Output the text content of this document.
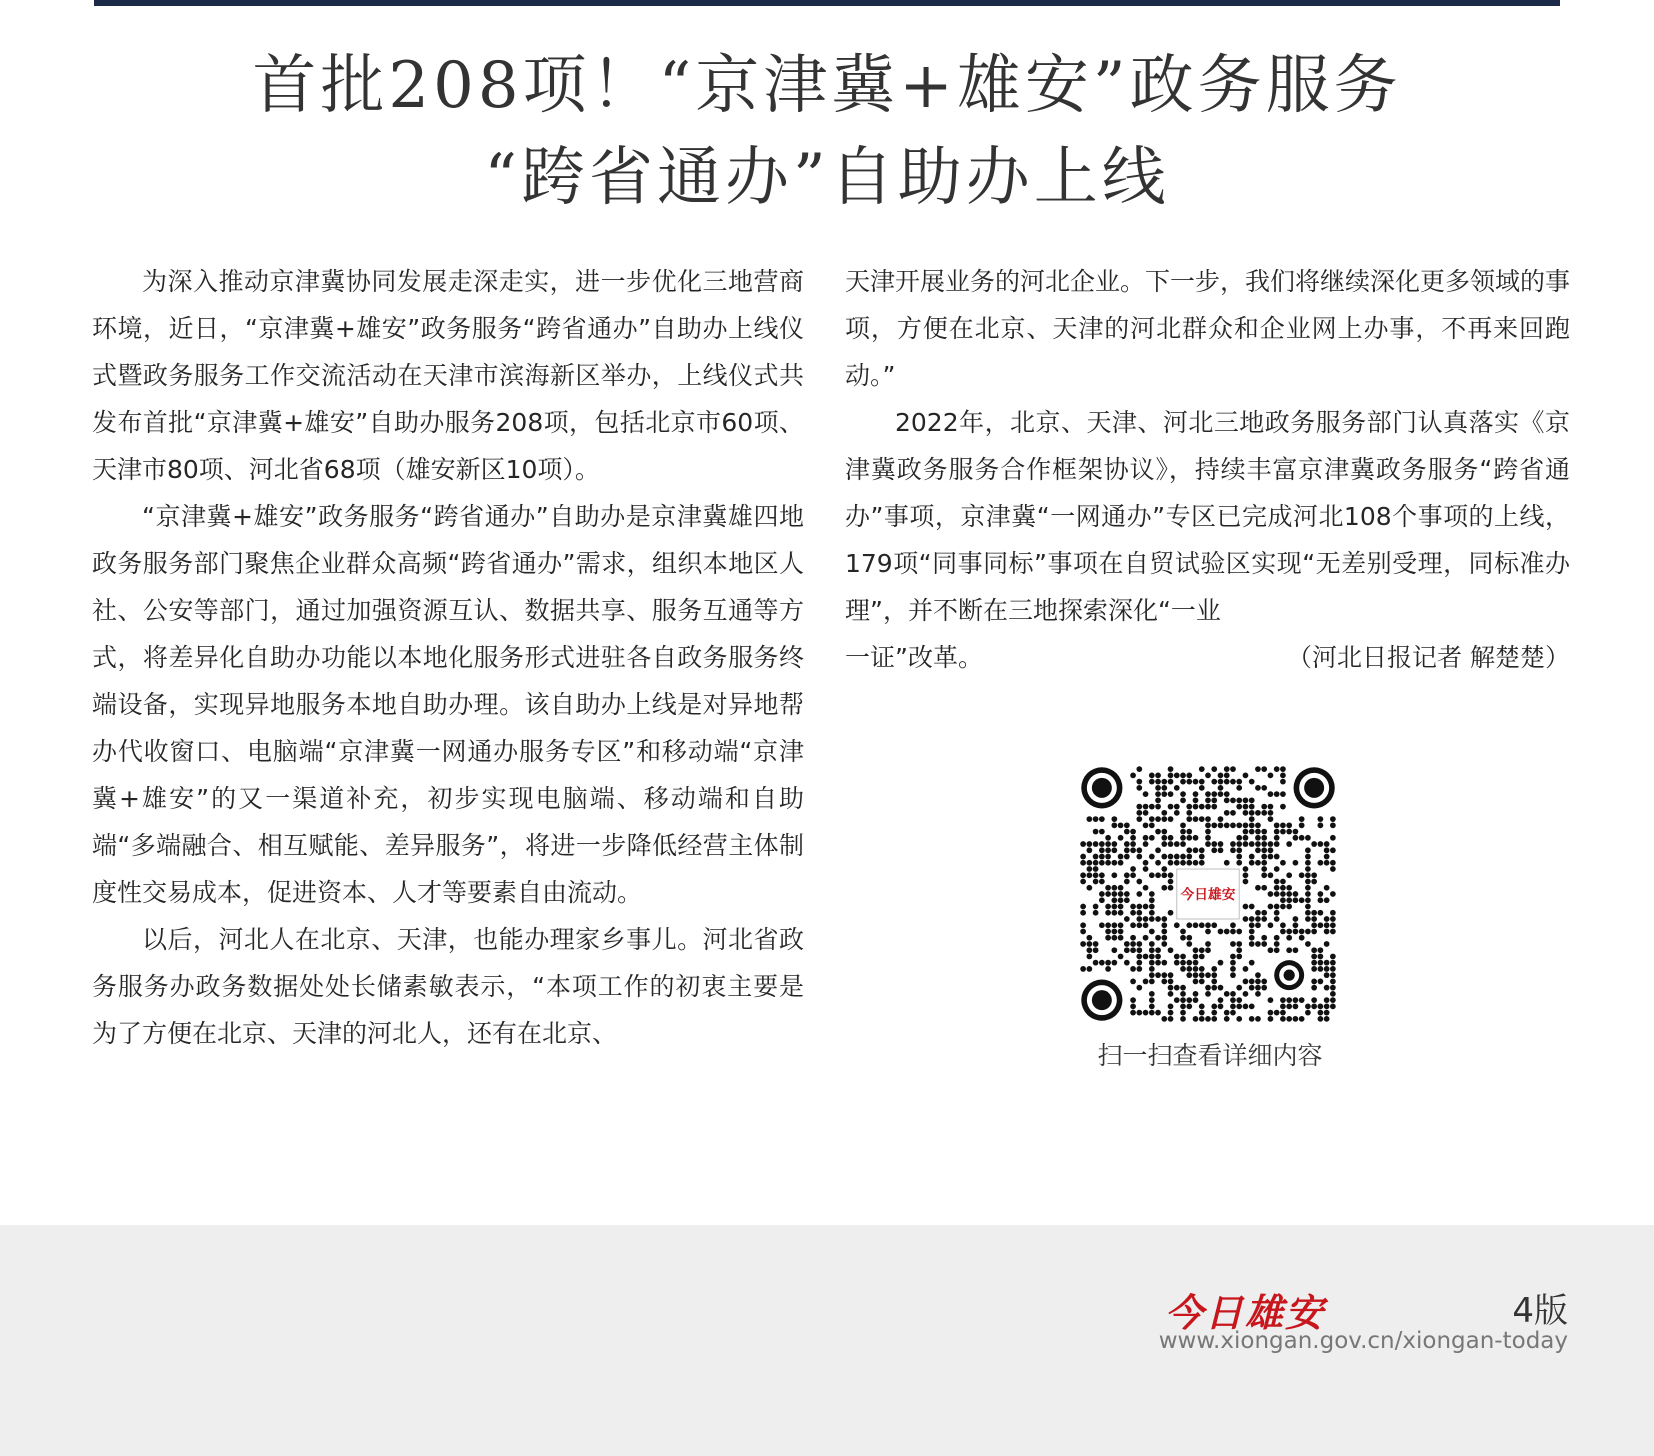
首批208项！“京津冀+雄安”政务服务
“跨省通办”自助办上线

为深入推动京津冀协同发展走深走实，进一步优化三地营商环境，近日，“京津冀+雄安”政务服务“跨省通办”自助办上线仪式暨政务服务工作交流活动在天津市滨海新区举办，上线仪式共发布首批“京津冀+雄安”自助办服务208项，包括北京市60项、天津市80项、河北省68项（雄安新区10项）。

“京津冀+雄安”政务服务“跨省通办”自助办是京津冀雄四地政务服务部门聚焦企业群众高频“跨省通办”需求，组织本地区人社、公安等部门，通过加强资源互认、数据共享、服务互通等方式，将差异化自助办功能以本地化服务形式进驻各自政务服务终端设备，实现异地服务本地自助办理。该自助办上线是对异地帮办代收窗口、电脑端“京津冀一网通办服务专区”和移动端“京津冀+雄安”的又一渠道补充，初步实现电脑端、移动端和自助端“多端融合、相互赋能、差异服务”，将进一步降低经营主体制度性交易成本，促进资本、人才等要素自由流动。

以后，河北人在北京、天津，也能办理家乡事儿。河北省政务服务办政务数据处处长储素敏表示，“本项工作的初衷主要是为了方便在北京、天津的河北人，还有在北京、

天津开展业务的河北企业。下一步，我们将继续深化更多领域的事项，方便在北京、天津的河北群众和企业网上办事，不再来回跑动。”

2022年，北京、天津、河北三地政务服务部门认真落实《京津冀政务服务合作框架协议》，持续丰富京津冀政务服务“跨省通办”事项，京津冀“一网通办”专区已完成河北108个事项的上线，179项“同事同标”事项在自贸试验区实现“无差别受理，同标准办理”，并不断在三地探索深化“一业

一证”改革。	（河北日报记者 解楚楚）
今日雄安
扫一扫查看详细内容
今日雄安	4版
www.xiongan.gov.cn/xiongan-today
